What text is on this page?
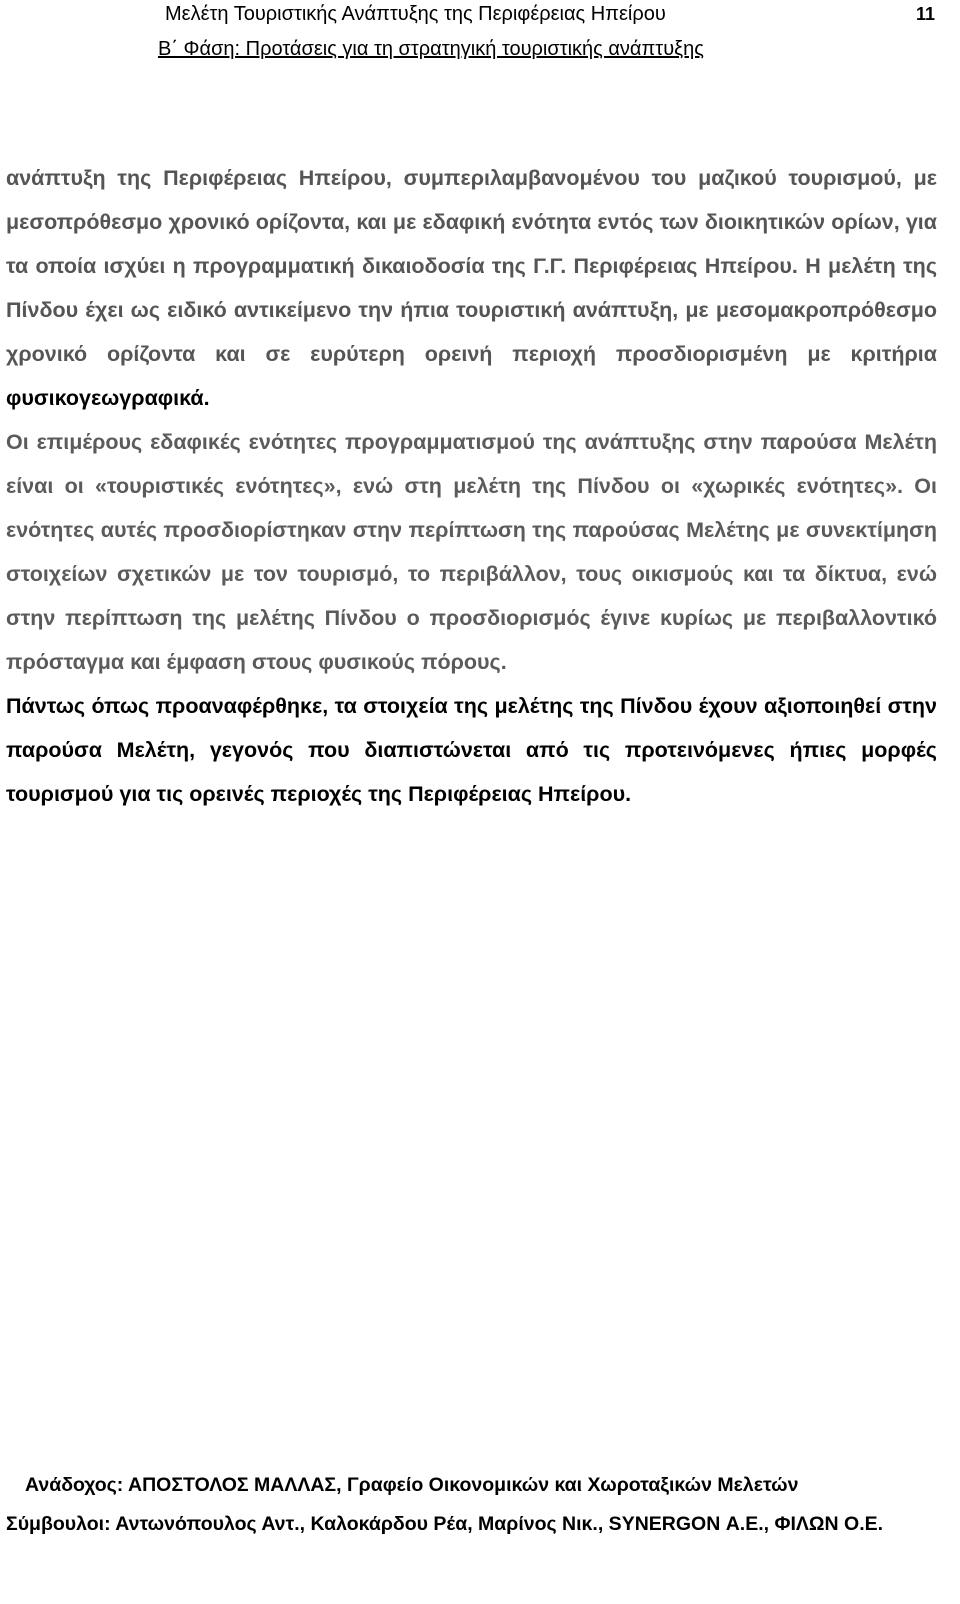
Μελέτη Τουριστικής Ανάπτυξης της Περιφέρειας Ηπείρου	11
Β΄ Φάση: Προτάσεις για τη στρατηγική τουριστικής ανάπτυξης

ανάπτυξη της Περιφέρειας Ηπείρου, συμπεριλαμβανομένου του μαζικού τουρισμού, με μεσοπρόθεσμο χρονικό ορίζοντα, και με εδαφική ενότητα εντός των διοικητικών ορίων, για τα οποία ισχύει η προγραμματική δικαιοδοσία της Γ.Γ. Περιφέρειας Ηπείρου. Η μελέτη της Πίνδου έχει ως ειδικό αντικείμενο την ήπια τουριστική ανάπτυξη, με μεσομακροπρόθεσμο χρονικό ορίζοντα και σε ευρύτερη ορεινή περιοχή προσδιορισμένη με κριτήρια φυσικογεωγραφικά.

Οι επιμέρους εδαφικές ενότητες προγραμματισμού της ανάπτυξης στην παρούσα Μελέτη είναι οι «τουριστικές ενότητες», ενώ στη μελέτη της Πίνδου οι «χωρικές ενότητες». Οι ενότητες αυτές προσδιορίστηκαν στην περίπτωση της παρούσας Μελέτης με συνεκτίμηση στοιχείων σχετικών με τον τουρισμό, το περιβάλλον, τους οικισμούς και τα δίκτυα, ενώ στην περίπτωση της μελέτης Πίνδου ο προσδιορισμός έγινε κυρίως με περιβαλλοντικό πρόσταγμα και έμφαση στους φυσικούς πόρους.

Πάντως όπως προαναφέρθηκε, τα στοιχεία της μελέτης της Πίνδου έχουν αξιοποιηθεί στην παρούσα Μελέτη, γεγονός που διαπιστώνεται από τις προτεινόμενες ήπιες μορφές τουρισμού για τις ορεινές περιοχές της Περιφέρειας Ηπείρου.

Ανάδοχος: ΑΠΟΣΤΟΛΟΣ ΜΑΛΛΑΣ, Γραφείο Οικονομικών και Χωροταξικών Μελετών
Σύμβουλοι: Αντωνόπουλος Αντ., Καλοκάρδου Ρέα, Μαρίνος Νικ., SYNERGON Α.Ε., ΦΙΛΩΝ Ο.Ε.
